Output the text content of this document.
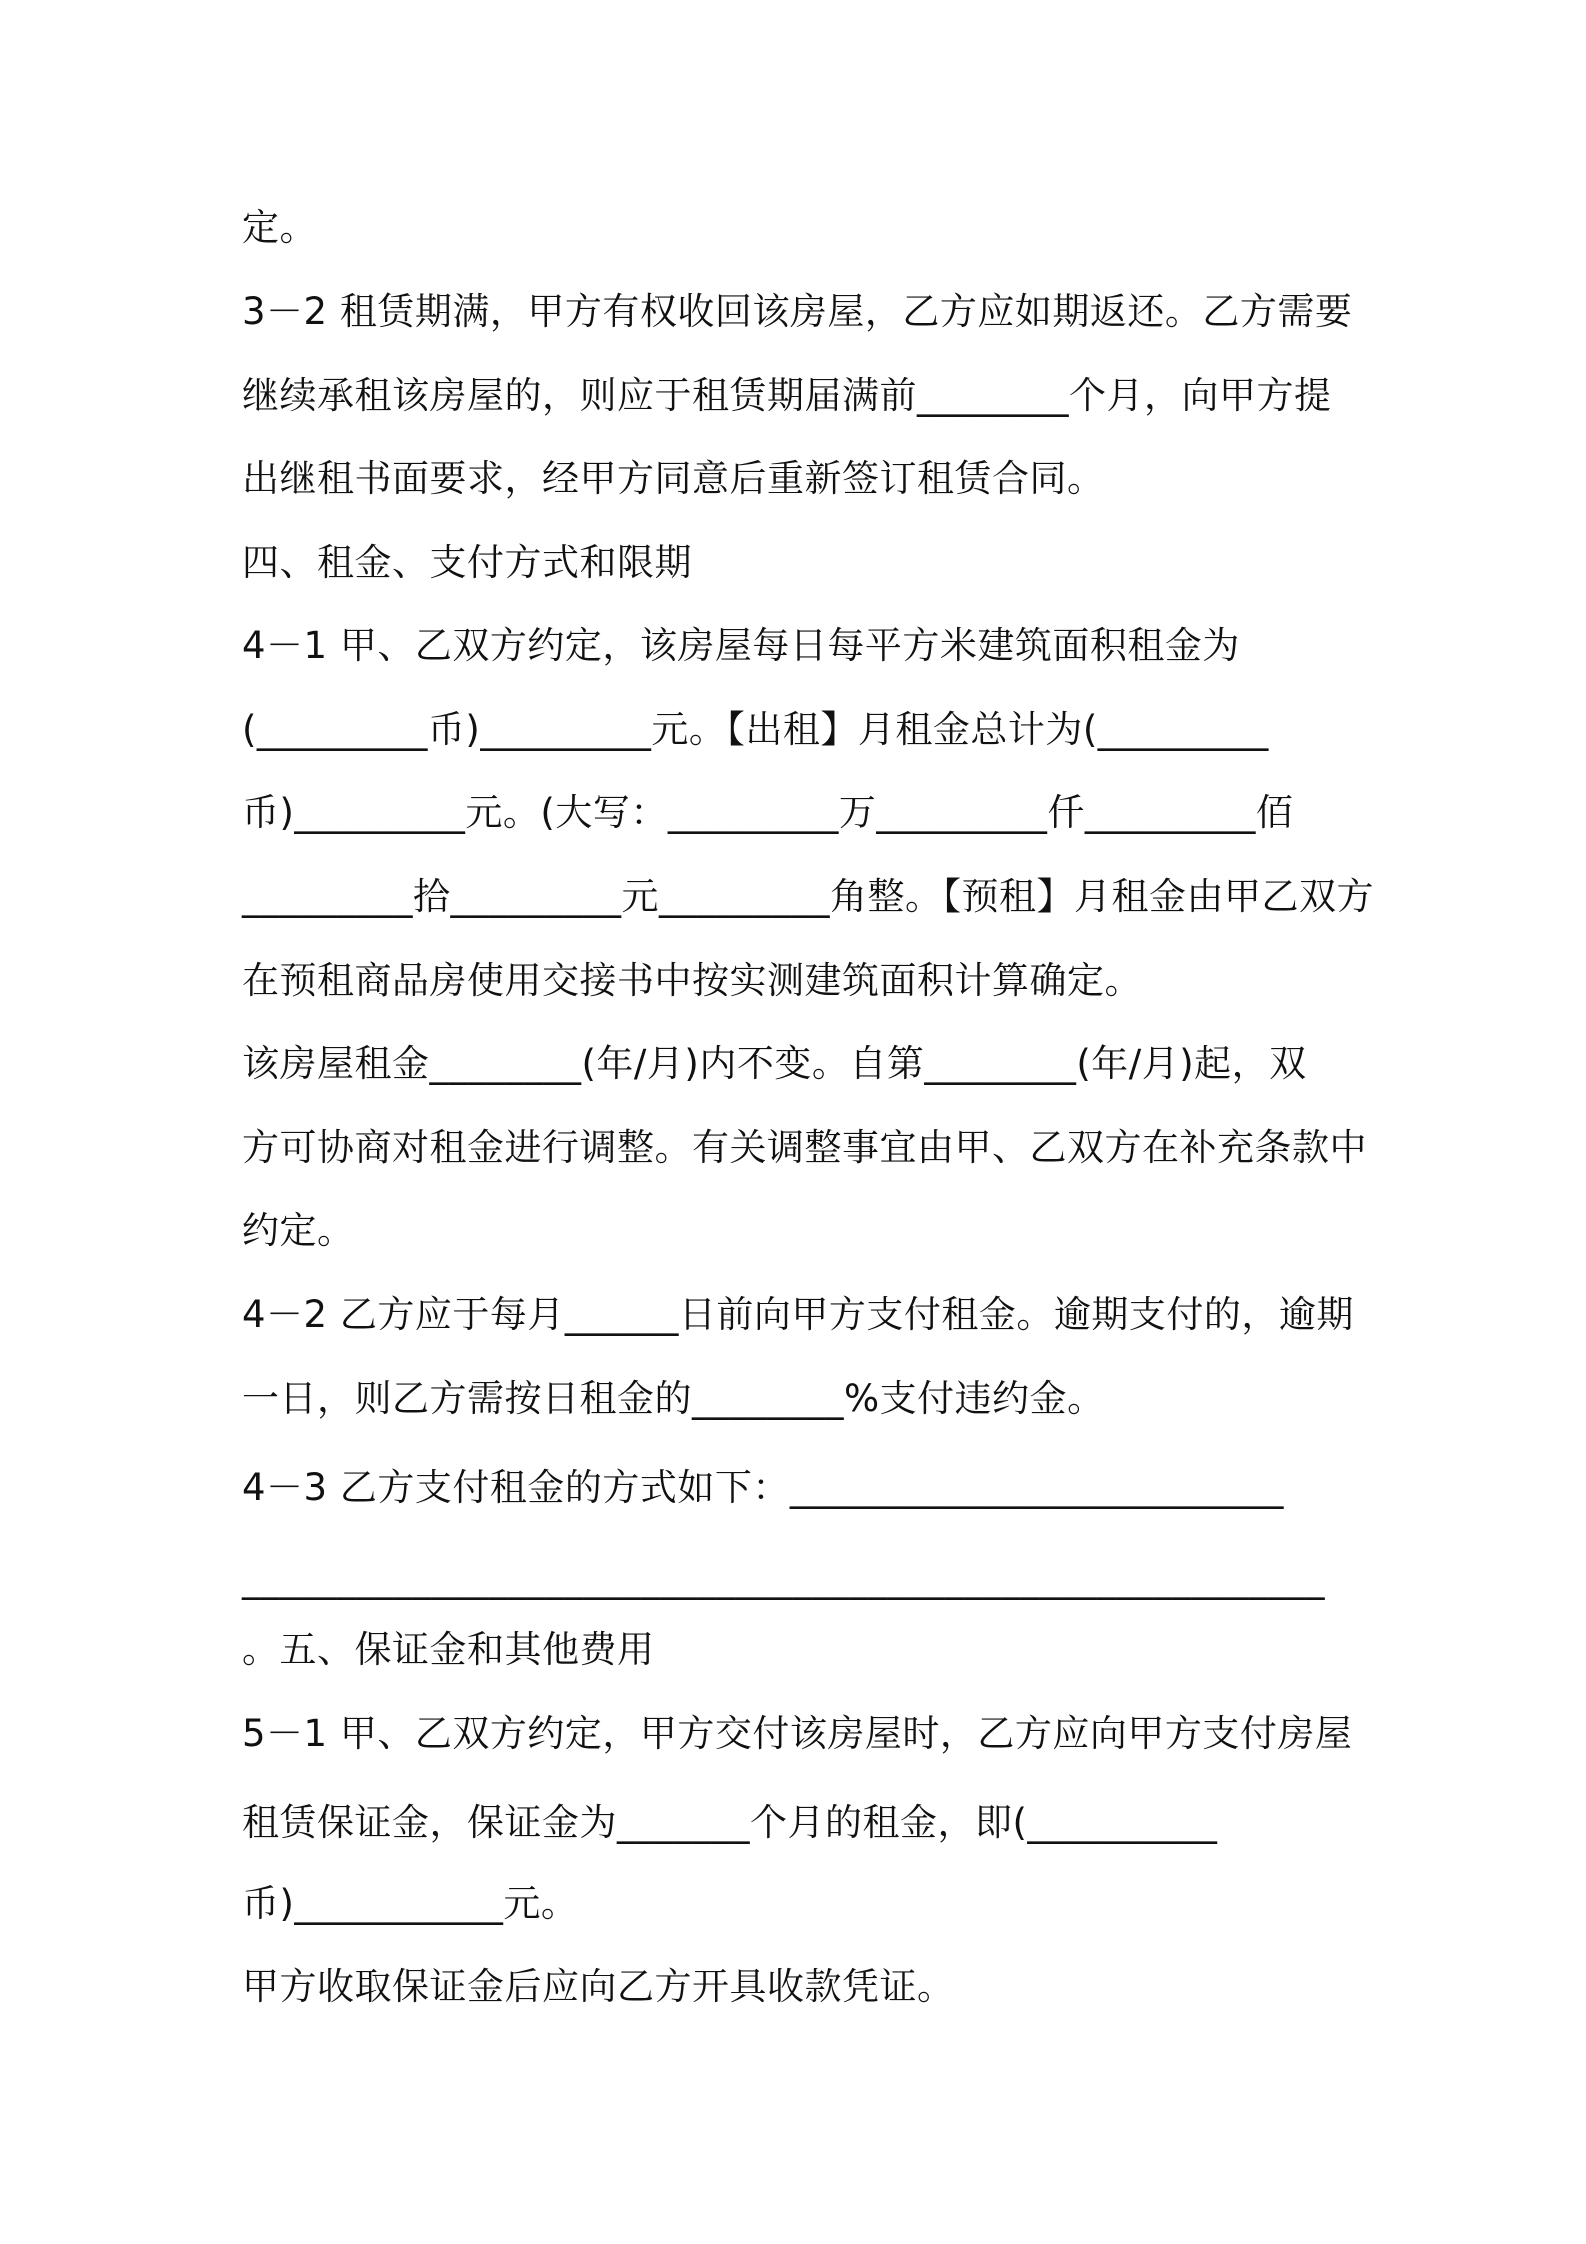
定。
3－2 租赁期满，甲方有权收回该房屋，乙方应如期返还。乙方需要
继续承租该房屋的，则应于租赁期届满前________个月，向甲方提
出继租书面要求，经甲方同意后重新签订租赁合同。
四、租金、支付方式和限期
4－1 甲、乙双方约定，该房屋每日每平方米建筑面积租金为
(_________币)_________元。【出租】月租金总计为(_________
币)_________元。(大写：_________万_________仟_________佰
_________拾_________元_________角整。【预租】月租金由甲乙双方
在预租商品房使用交接书中按实测建筑面积计算确定。
该房屋租金________(年/月)内不变。自第________(年/月)起，双
方可协商对租金进行调整。有关调整事宜由甲、乙双方在补充条款中
约定。
4－2 乙方应于每月______日前向甲方支付租金。逾期支付的，逾期
一日，则乙方需按日租金的________%支付违约金。
4－3 乙方支付租金的方式如下：__________________________
_________________________________________________________
。五、保证金和其他费用
5－1 甲、乙双方约定，甲方交付该房屋时，乙方应向甲方支付房屋
租赁保证金，保证金为_______个月的租金，即(__________
币)___________元。
甲方收取保证金后应向乙方开具收款凭证。
